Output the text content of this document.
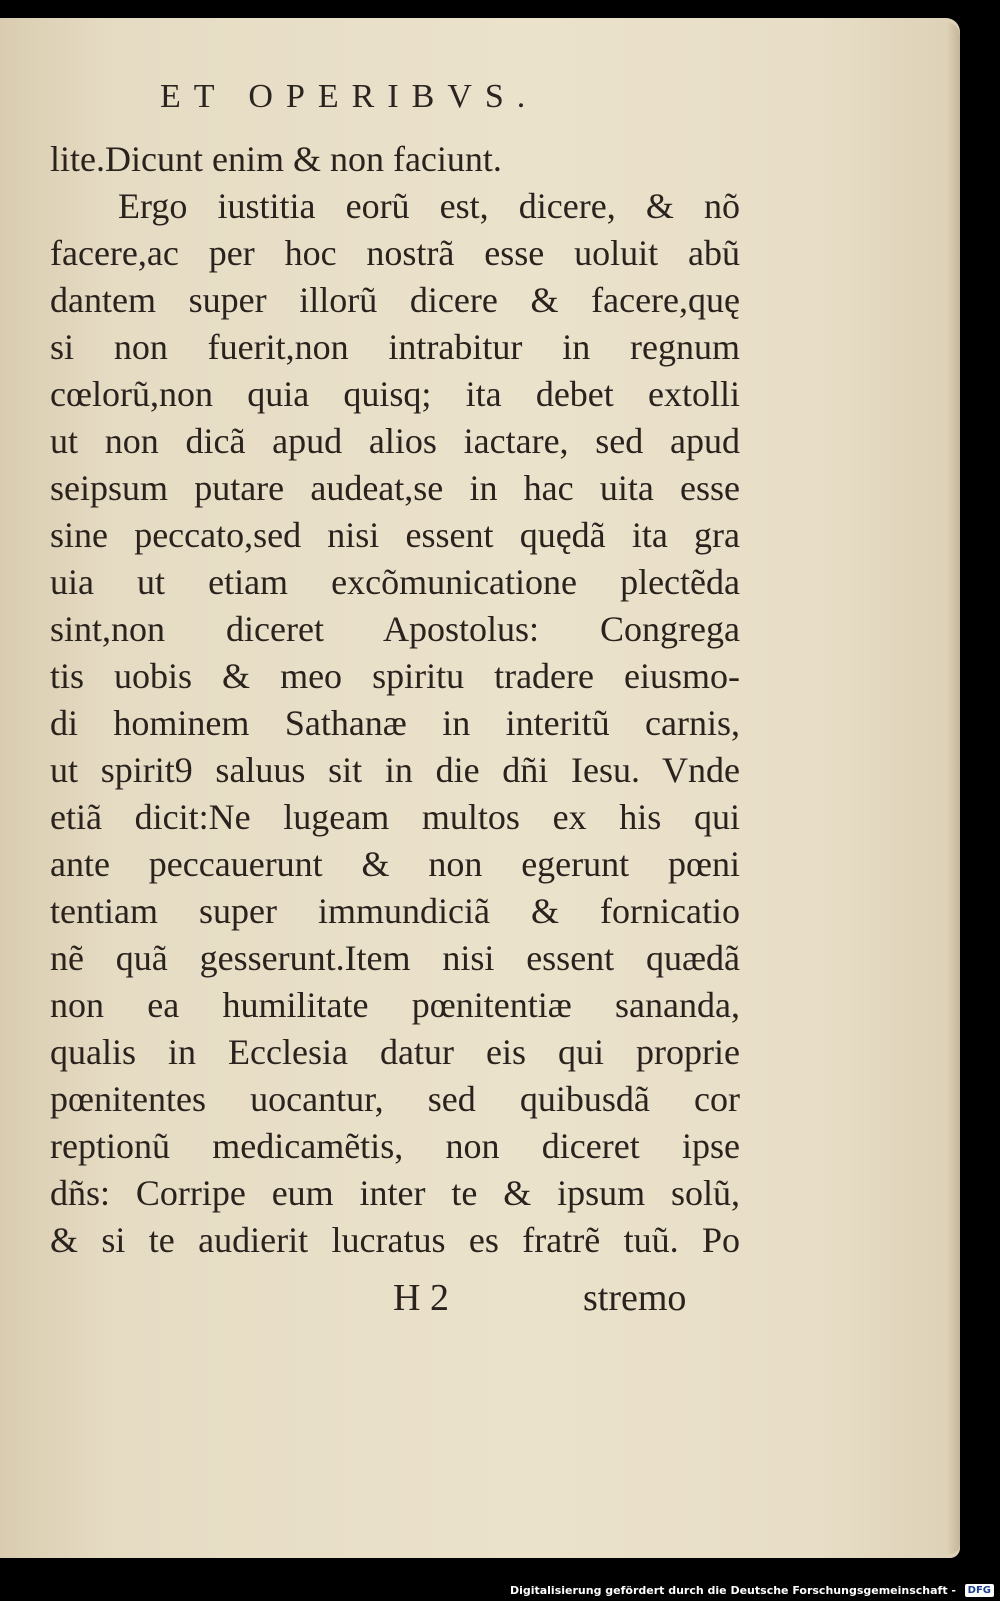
ET OPERIBVS.
lite.Dicunt enim & non faciunt.
Ergo iustitia eorũ est, dicere, & nõ
facere,ac per hoc nostrã esse uoluit abũ
dantem super illorũ dicere & facere,quę
si non fuerit,non intrabitur in regnum
cœlorũ,non quia quisq; ita debet extolli
ut non dicã apud alios iactare, sed apud
seipsum putare audeat,se in hac uita esse
sine peccato,sed nisi essent quędã ita gra
uia ut etiam excõmunicatione plectẽda
sint,non diceret Apostolus: Congrega
tis uobis & meo spiritu tradere eiusmo-
di hominem Sathanæ in interitũ carnis,
ut spirit9 saluus sit in die dñi Iesu. Vnde
etiã dicit:Ne lugeam multos ex his qui
ante peccauerunt & non egerunt pœni
tentiam super immundiciã & fornicatio
nẽ quã gesserunt.Item nisi essent quædã
non ea humilitate pœnitentiæ sananda,
qualis in Ecclesia datur eis qui proprie
pœnitentes uocantur, sed quibusdã cor
reptionũ medicamẽtis, non diceret ipse
dñs: Corripe eum inter te & ipsum solũ,
& si te audierit lucratus es fratrẽ tuũ. Po
H 2	stremo
Digitalisierung gefördert durch die Deutsche Forschungsgemeinschaft -	DFG
